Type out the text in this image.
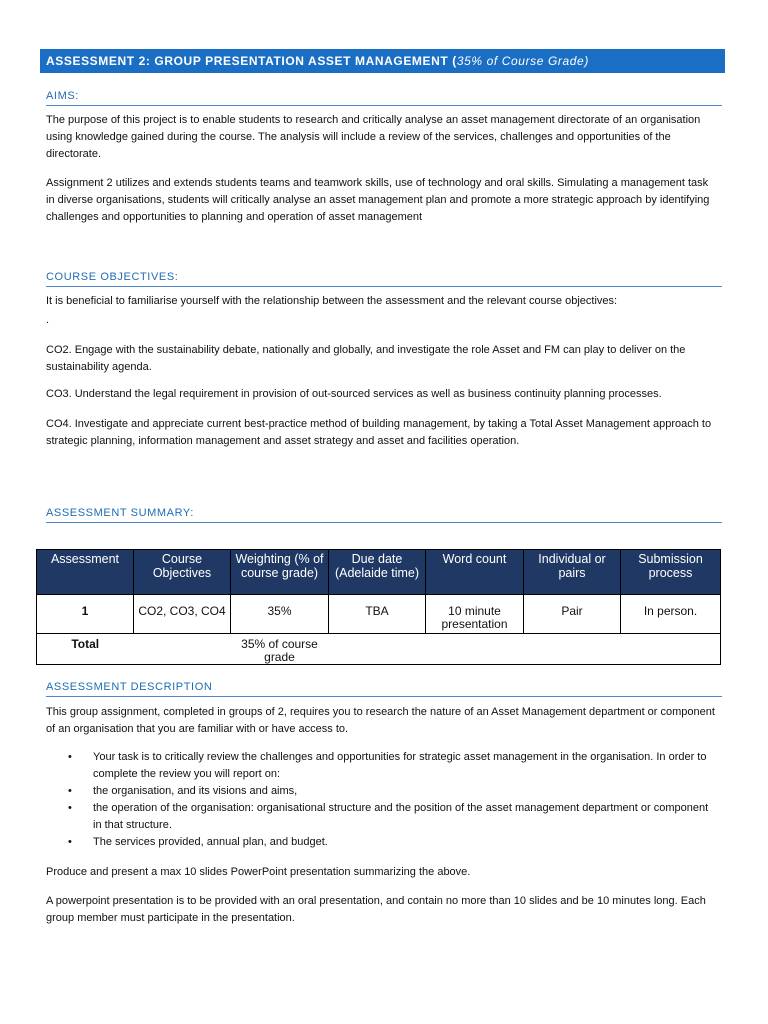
ASSESSMENT 2: GROUP PRESENTATION ASSET MANAGEMENT (35% of Course Grade)
AIMS:
The purpose of this project is to enable students to research and critically analyse an asset management directorate of an organisation using knowledge gained during the course. The analysis will include a review of the services, challenges and opportunities of the directorate.
Assignment 2 utilizes and extends students teams and teamwork skills, use of technology and oral skills. Simulating a management task in diverse organisations, students will critically analyse an asset management plan and promote a more strategic approach by identifying challenges and opportunities to planning and operation of asset management
COURSE OBJECTIVES:
It is beneficial to familiarise yourself with the relationship between the assessment and the relevant course objectives:
.
CO2. Engage with the sustainability debate, nationally and globally, and investigate the role Asset and FM can play to deliver on the sustainability agenda.
CO3. Understand the legal requirement in provision of out-sourced services as well as business continuity planning processes.
CO4. Investigate and appreciate current best-practice method of building management, by taking a Total Asset Management approach to strategic planning, information management and asset strategy and asset and facilities operation.
ASSESSMENT SUMMARY:
Assessment	Course Objectives	Weighting (% of course grade)	Due date (Adelaide time)	Word count	Individual or pairs	Submission process
1	CO2, CO3, CO4	35%	TBA	10 minute presentation	Pair	In person.
Total		35% of course grade				
ASSESSMENT DESCRIPTION
This group assignment, completed in groups of 2, requires you to research the nature of an Asset Management department or component of an organisation that you are familiar with or have access to.
• Your task is to critically review the challenges and opportunities for strategic asset management in the organisation. In order to complete the review you will report on:
• the organisation, and its visions and aims,
• the operation of the organisation: organisational structure and the position of the asset management department or component in that structure.
• The services provided, annual plan, and budget.
Produce and present a max 10 slides PowerPoint presentation summarizing the above.
A powerpoint presentation is to be provided with an oral presentation, and contain no more than 10 slides and be 10 minutes long. Each group member must participate in the presentation.
